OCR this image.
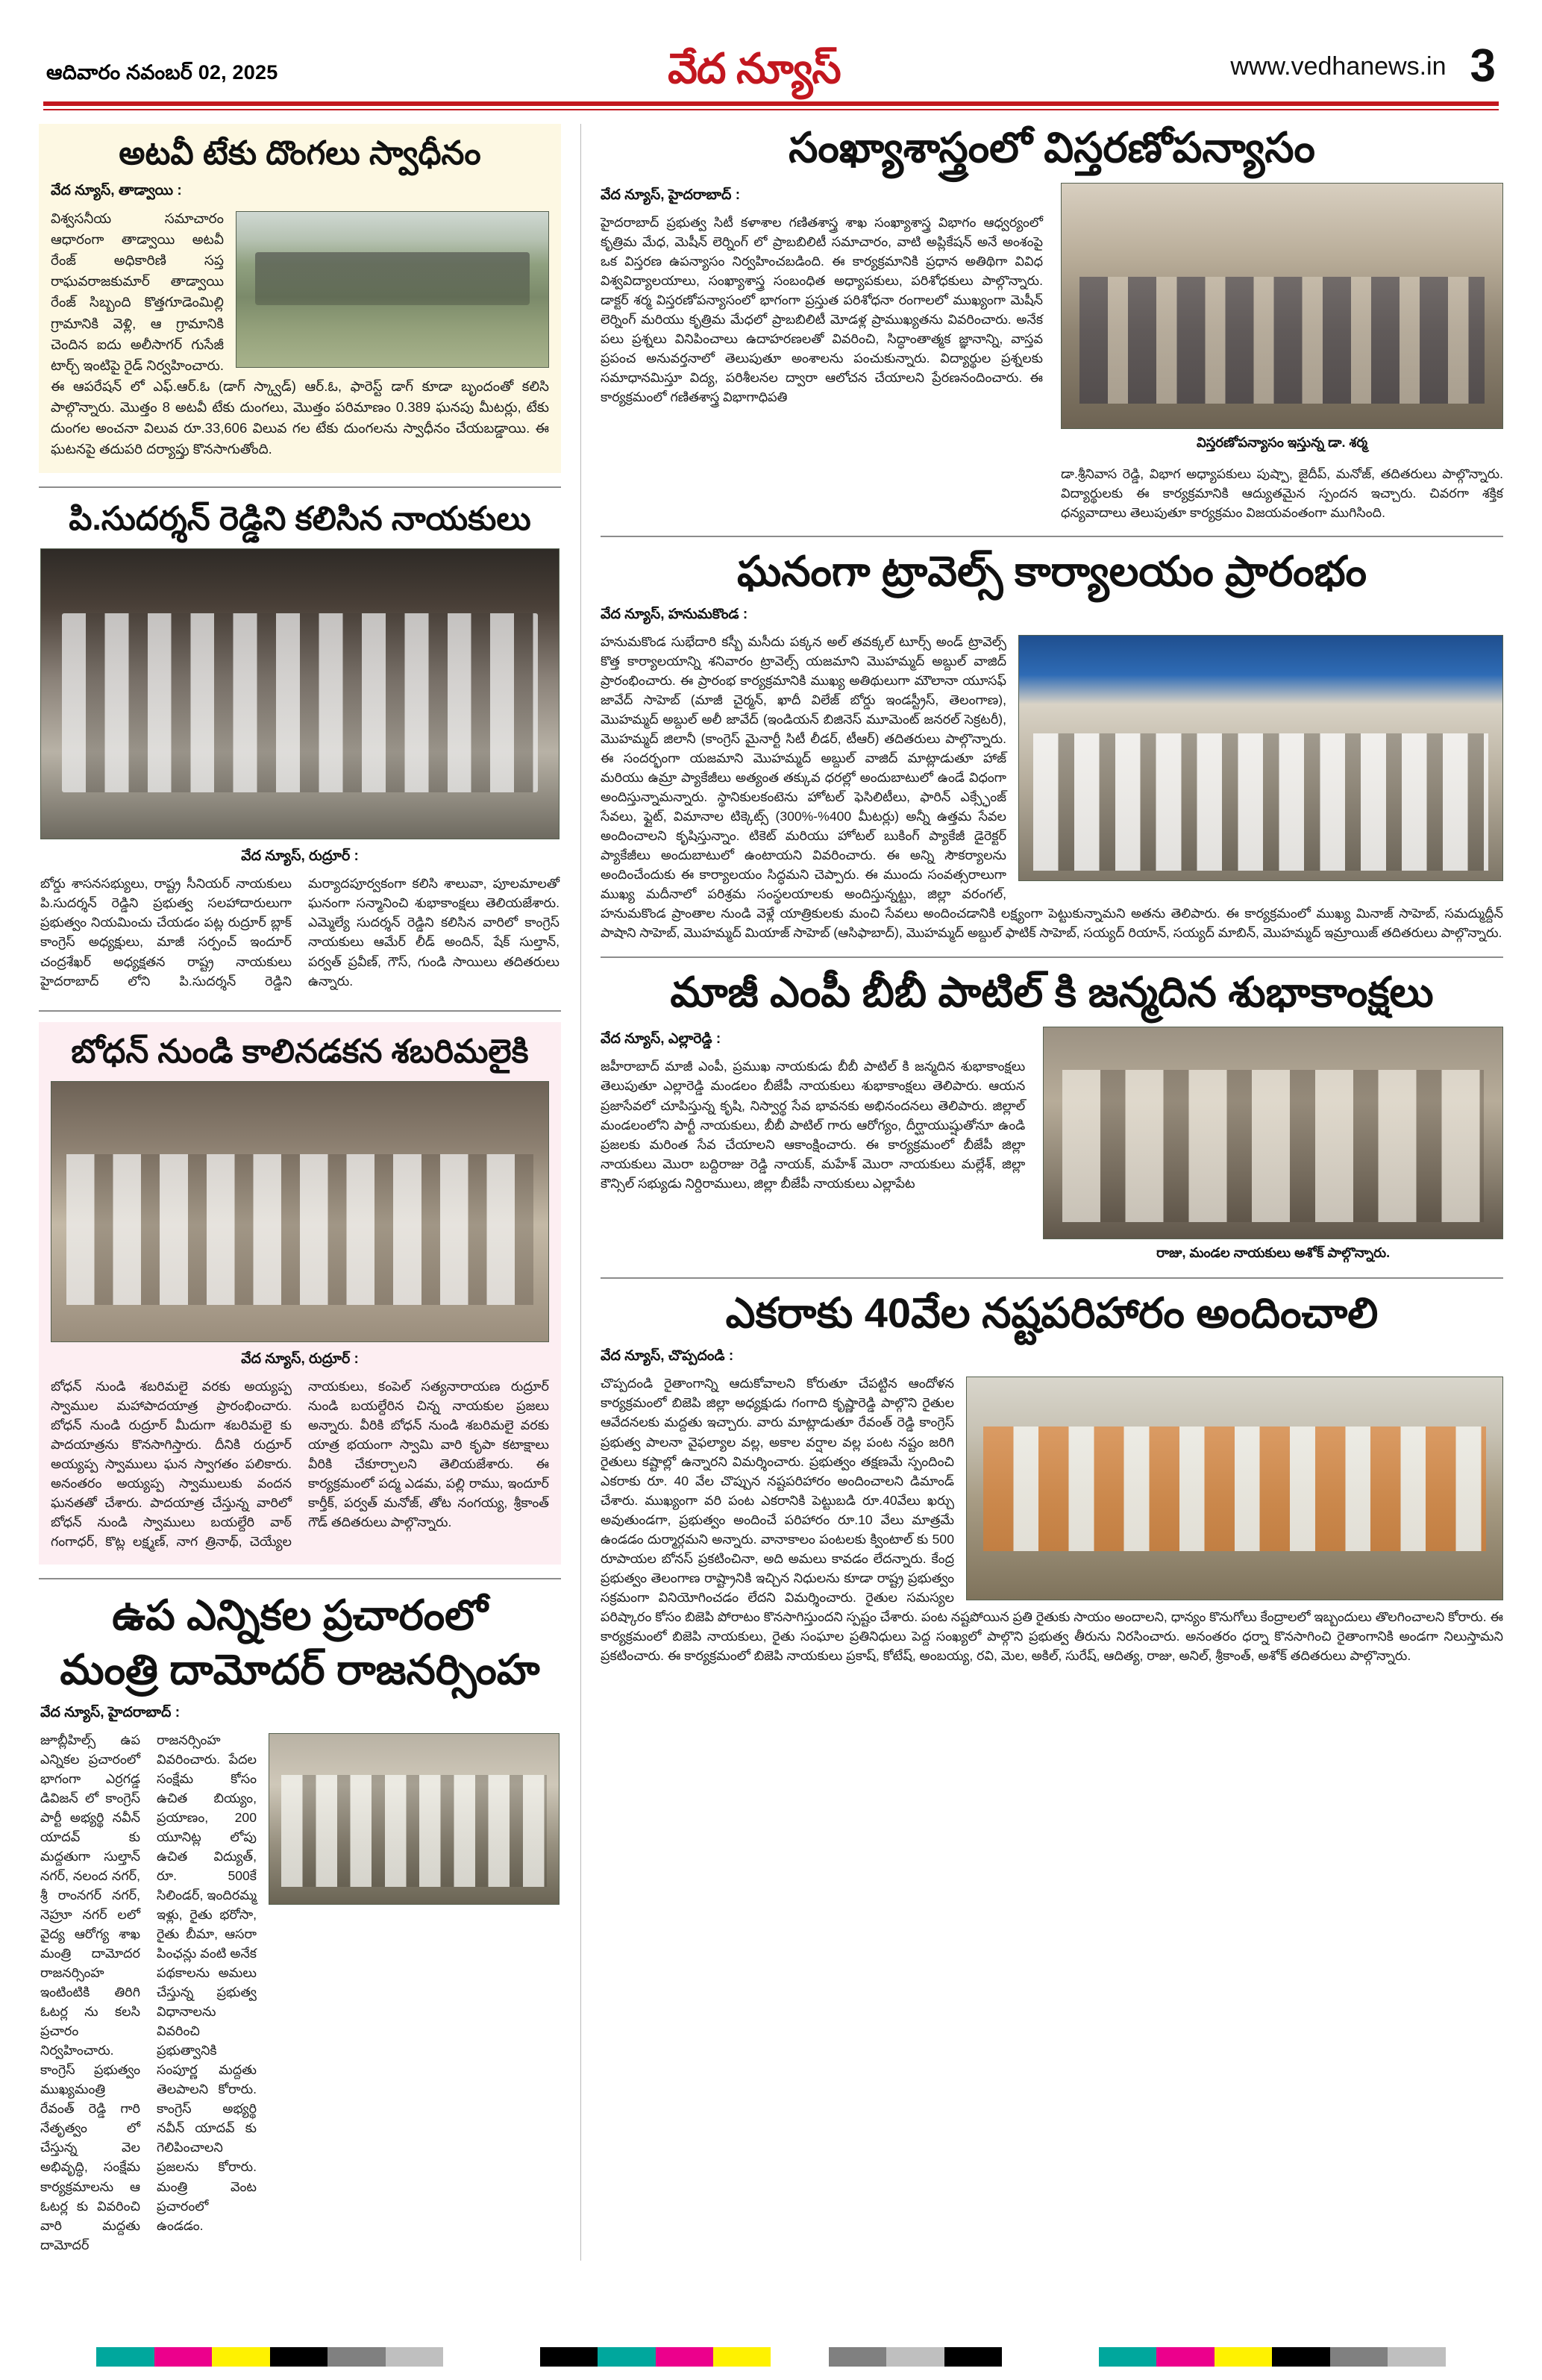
ఆదివారం నవంబర్ 02, 2025	వేద న్యూస్	www.vedhanews.in 3
అటవీ టేకు దొంగలు స్వాధీనం
వేద న్యూస్, తాడ్వాయి :
విశ్వసనీయ సమాచారం ఆధారంగా తాడ్వాయి అటవీ రేంజ్ అధికారిణి సప్త రాఘవరాజకుమార్ తాడ్వాయి రేంజ్ సిబ్బంది కొత్తగూడెంమిల్లి గ్రామానికి వెళ్లి, ఆ గ్రామానికి చెందిన ఐదు అలీసాగర్ గుసేజీ టార్చ్ ఇంటిపై రైడ్ నిర్వహించారు. ఈ ఆపరేషన్ లో ఎఫ్.ఆర్.ఓ (డాగ్ స్క్వాడ్) ఆర్.ఓ, ఫారెస్ట్ డాగ్ కూడా బృందంతో కలిసి పాల్గొన్నారు. మొత్తం 8 అటవీ టేకు దుంగలు, మొత్తం పరిమాణం 0.389 ఘనపు మీటర్లు, టేకు దుంగల అంచనా విలువ రూ.33,606 విలువ గల టేకు దుంగలను స్వాధీనం చేయబడ్డాయి. ఈ ఘటనపై తదుపరి దర్యాప్తు కొనసాగుతోంది.
పి.సుదర్శన్ రెడ్డిని కలిసిన నాయకులు
వేద న్యూస్, రుద్రూర్ :
బోర్డు శాసనసభ్యులు, రాష్ట్ర సీనియర్ నాయకులు పి.సుదర్శన్ రెడ్డిని ప్రభుత్వ సలహాదారులుగా ప్రభుత్వం నియమించు చేయడం పట్ల రుద్రూర్ బ్లాక్ కాంగ్రెస్ అధ్యక్షులు, మాజీ సర్పంచ్ ఇందూర్ చంద్రశేఖర్ అధ్యక్షతన రాష్ట్ర నాయకులు హైదరాబాద్ లోని పి.సుదర్శన్ రెడ్డిని మర్యాదపూర్వకంగా కలిసి శాలువా, పూలమాలతో ఘనంగా సన్మానించి శుభాకాంక్షలు తెలియజేశారు. ఎమ్మెల్యే సుదర్శన్ రెడ్డిని కలిసిన వారిలో కాంగ్రెస్ నాయకులు ఆమేర్ లీడ్ అందిన్, షేక్ సుల్తాన్, పర్వత్ ప్రవీణ్, గౌస్, గుండి సాయిలు తదితరులు ఉన్నారు.
బోధన్ నుండి కాలినడకన శబరిమలైకి
వేద న్యూస్, రుద్రూర్ :
బోధన్ నుండి శబరిమలై వరకు అయ్యప్ప స్వాముల మహాపాదయాత్ర ప్రారంభించారు. బోధన్ నుండి రుద్రూర్ మీదుగా శబరిమలై కు పాదయాత్రను కొనసాగిస్తారు. దీనికి రుద్రూర్ అయ్యప్ప స్వాములు ఘన స్వాగతం పలికారు. అనంతరం అయ్యప్ప స్వాములుకు వందన ఘనతతో చేశారు. పాదయాత్ర చేస్తున్న వారిలో బోధన్ నుండి స్వాములు బయల్దేరి వాఠ్ గంగాధర్, కొట్ల లక్ష్మణ్, నాగ త్రినాథ్, చెయ్యేల నాయకులు, కంపెల్ సత్యనారాయణ రుద్రూర్ నుండి బయల్దేరిన చిన్న నాయకుల ప్రజలు అన్నారు. వీరికి బోధన్ నుండి శబరిమలై వరకు యాత్ర భయంగా స్వామి వారి కృపా కటాక్షాలు వీరికి చేకూర్చాలని తెలియజేశారు. ఈ కార్యక్రమంలో పద్మ ఎడమ, పల్లి రాము, ఇందూర్ కార్తీక్, పర్వత్ మనోజ్, తోట నంగయ్య, శ్రీకాంత్ గౌడ్ తదితరులు పాల్గొన్నారు.
ఉప ఎన్నికల ప్రచారంలో
మంత్రి దామోదర్ రాజనర్సింహ
వేద న్యూస్, హైదరాబాద్ :
జూబ్లీహిల్స్ ఉప ఎన్నికల ప్రచారంలో భాగంగా ఎర్రగడ్డ డివిజన్ లో కాంగ్రెస్ పార్టీ అభ్యర్థి నవీన్ యాదవ్ కు మద్దతుగా సుల్తాన్ నగర్, నలంద నగర్, శ్రీ రాంనగర్ నగర్, నెహ్రూ నగర్ లలో వైద్య ఆరోగ్య శాఖ మంత్రి దామోదర రాజనర్సింహ ఇంటింటికి తిరిగి ఓటర్ల ను కలసి ప్రచారం నిర్వహించారు. కాంగ్రెస్ ప్రభుత్వం ముఖ్యమంత్రి రేవంత్ రెడ్డి గారి నేతృత్వం లో చేస్తున్న వెల అభివృద్ధి, సంక్షేమ కార్యక్రమాలను ఆ ఓటర్ల కు వివరించి వారి మద్దతు దామోదర్ రాజనర్సింహ వివరించారు. పేదల సంక్షేమ కోసం ఉచిత బియ్యం, ప్రయాణం, 200 యూనిట్ల లోపు ఉచిత విద్యుత్, రూ. 500కే సిలిండర్, ఇందిరమ్మ ఇళ్లు, రైతు భరోసా, రైతు బీమా, ఆసరా పింఛన్లు వంటి అనేక పథకాలను అమలు చేస్తున్న ప్రభుత్వ విధానాలను వివరించి ప్రభుత్వానికి సంపూర్ణ మద్దతు తెలపాలని కోరారు. కాంగ్రెస్ అభ్యర్థి నవీన్ యాదవ్ కు గెలిపించాలని ప్రజలను కోరారు. మంత్రి వెంట ప్రచారంలో ఉండడం.
సంఖ్యాశాస్త్రంలో విస్తరణోపన్యాసం
వేద న్యూస్, హైదరాబాద్ :
హైదరాబాద్ ప్రభుత్వ సిటీ కళాశాల గణితశాస్త్ర శాఖ సంఖ్యాశాస్త్ర విభాగం ఆధ్వర్యంలో కృత్రిమ మేధ, మెషీన్ లెర్నింగ్ లో ప్రాబబిలిటీ సమాచారం, వాటి అప్లికేషన్ అనే అంశంపై ఒక విస్తరణ ఉపన్యాసం నిర్వహించబడింది. ఈ కార్యక్రమానికి ప్రధాన అతిథిగా వివిధ విశ్వవిద్యాలయాలు, సంఖ్యాశాస్త్ర సంబంధిత అధ్యాపకులు, పరిశోధకులు పాల్గొన్నారు. డాక్టర్ శర్మ విస్తరణోపన్యాసంలో భాగంగా ప్రస్తుత పరిశోధనా రంగాలలో ముఖ్యంగా మెషీన్ లెర్నింగ్ మరియు కృత్రిమ మేధలో ప్రాబబిలిటీ మోడళ్ల ప్రాముఖ్యతను వివరించారు. అనేక పలు ప్రశ్నలు వినిపించాలు ఉదాహరణలతో వివరించి, సిద్ధాంతాత్మక జ్ఞానాన్ని, వాస్తవ ప్రపంచ అనువర్తనాలో తెలుపుతూ అంశాలను పంచుకున్నారు. విద్యార్థుల ప్రశ్నలకు సమాధానమిస్తూ విద్య, పరిశీలనల ద్వారా ఆలోచన చేయాలని ప్రేరణనందించారు. ఈ కార్యక్రమంలో గణితశాస్త్ర విభాగాధిపతి
విస్తరణోపన్యాసం ఇస్తున్న డా. శర్మ
డా.శ్రీనివాస రెడ్డి, విభాగ అధ్యాపకులు పుష్పా, జైదీప్, మనోజ్, తదితరులు పాల్గొన్నారు. విద్యార్థులకు ఈ కార్యక్రమానికి ఆద్యుతమైన స్పందన ఇచ్చారు. చివరగా శక్తిక ధన్యవాదాలు తెలుపుతూ కార్యక్రమం విజయవంతంగా ముగిసింది.
ఘనంగా ట్రావెల్స్ కార్యాలయం ప్రారంభం
వేద న్యూస్, హనుమకొండ :
హనుమకొండ సుభేదారి కస్బీ మసీదు పక్కన అల్ తవక్కల్ టూర్స్ అండ్ ట్రావెల్స్ కొత్త కార్యాలయాన్ని శనివారం ట్రావెల్స్ యజమాని మొహమ్మద్ అబ్దుల్ వాజిద్ ప్రారంభించారు. ఈ ప్రారంభ కార్యక్రమానికి ముఖ్య అతిథులుగా మౌలానా యూసఫ్ జావేద్ సాహెబ్ (మాజీ చైర్మన్, ఖాదీ విలేజ్ బోర్డు ఇండస్ట్రీస్, తెలంగాణ), మొహమ్మద్ అబ్దుల్ అలీ జావేద్ (ఇండియన్ బిజినెస్ మూమెంట్ జనరల్ సెక్రటరీ), మొహమ్మద్ జిలానీ (కాంగ్రెస్ మైనార్టీ సిటీ లీడర్, టీఆర్) తదితరులు పాల్గొన్నారు. ఈ సందర్భంగా యజమాని మొహమ్మద్ అబ్దుల్ వాజిద్ మాట్లాడుతూ హాజ్ మరియు ఉమ్రా ప్యాకేజీలు అత్యంత తక్కువ ధరల్లో అందుబాటులో ఉండే విధంగా అందిస్తున్నామన్నారు. స్థానికులకంటెను హోటల్ ఫెసిలిటీలు, ఫారిన్ ఎక్స్ఛేంజ్ సేవలు, ఫ్లైట్, విమానాల టిక్కెట్స్ (300%-%400 మీటర్లు) అన్నీ ఉత్తమ సేవల అందించాలని కృషిస్తున్నాం. టికెట్ మరియు హోటల్ బుకింగ్ ప్యాకేజీ డైరెక్టర్ ప్యాకేజీలు అందుబాటులో ఉంటాయని వివరించారు. ఈ అన్ని సౌకర్యాలను అందించేందుకు ఈ కార్యాలయం సిద్ధమని చెప్పారు. ఈ ముందు సంవత్సరాలుగా ముఖ్య మదీనాలో పరిశ్రమ సంస్థలయాలకు అందిస్తున్నట్టు, జిల్లా వరంగల్, హనుమకొండ ప్రాంతాల నుండి వెళ్లే యాత్రికులకు మంచి సేవలు అందించడానికి లక్ష్యంగా పెట్టుకున్నామని అతను తెలిపారు. ఈ కార్యక్రమంలో ముఖ్య మినాజ్ సాహెబ్, సమద్ముద్దీన్ పాషాని సాహెబ్, మొహమ్మద్ మియాజ్ సాహెబ్ (ఆసిఫాబాద్), మొహమ్మద్ అబ్దుల్ ఫాటిక్ సాహెబ్, సయ్యద్ రియాన్, సయ్యద్ మాబిన్, మొహమ్మద్ ఇమ్రాయిజ్ తదితరులు పాల్గొన్నారు.
మాజీ ఎంపీ బీబీ పాటిల్ కి జన్మదిన శుభాకాంక్షలు
వేద న్యూస్, ఎల్లారెడ్డి :
జహీరాబాద్ మాజీ ఎంపీ, ప్రముఖ నాయకుడు బీబీ పాటిల్ కి జన్మదిన శుభాకాంక్షలు తెలుపుతూ ఎల్లారెడ్డి మండలం బీజేపీ నాయకులు శుభాకాంక్షలు తెలిపారు. ఆయన ప్రజాసేవలో చూపిస్తున్న కృషి, నిస్వార్థ సేవ భావనకు అభినందనలు తెలిపారు. జిల్లాల్ మండలంలోని పార్టీ నాయకులు, బీబీ పాటిల్ గారు ఆరోగ్యం, దీర్ఘాయుష్షుతోనూ ఉండి ప్రజలకు మరింత సేవ చేయాలని ఆకాంక్షించారు. ఈ కార్యక్రమంలో బీజేపీ జిల్లా నాయకులు మొరా బద్దిరాజు రెడ్డి నాయక్, మహేశ్ మొరా నాయకులు మల్లేశ్, జిల్లా కౌన్సిల్ సభ్యుడు నిర్దిరాములు, జిల్లా బీజేపీ నాయకులు ఎల్లాపేట
రాజు, మండల నాయకులు అశోక్ పాల్గొన్నారు.
ఎకరాకు 40వేల నష్టపరిహారం అందించాలి
వేద న్యూస్, చొప్పదండి :
చొప్పదండి రైతాంగాన్ని ఆదుకోవాలని కోరుతూ చేపట్టిన ఆందోళన కార్యక్రమంలో బిజెపి జిల్లా అధ్యక్షుడు గంగాది కృష్ణారెడ్డి పాల్గొని రైతుల ఆవేదనలకు మద్దతు ఇచ్చారు. వారు మాట్లాడుతూ రేవంత్ రెడ్డి కాంగ్రెస్ ప్రభుత్వ పాలనా వైఫల్యాల వల్ల, అకాల వర్షాల వల్ల పంట నష్టం జరిగి రైతులు కష్టాల్లో ఉన్నారని విమర్శించారు. ప్రభుత్వం తక్షణమే స్పందించి ఎకరాకు రూ. 40 వేల చొప్పున నష్టపరిహారం అందించాలని డిమాండ్ చేశారు. ముఖ్యంగా వరి పంట ఎకరానికి పెట్టుబడి రూ.40వేలు ఖర్చు అవుతుండగా, ప్రభుత్వం అందించే పరిహారం రూ.10 వేలు మాత్రమే ఉండడం దుర్మార్గమని అన్నారు. వానాకాలం పంటలకు క్వింటాల్ కు 500 రూపాయల బోనస్ ప్రకటించినా, అది అమలు కావడం లేదన్నారు. కేంద్ర ప్రభుత్వం తెలంగాణ రాష్ట్రానికి ఇచ్చిన నిధులను కూడా రాష్ట్ర ప్రభుత్వం సక్రమంగా వినియోగించడం లేదని విమర్శించారు. రైతుల సమస్యల పరిష్కారం కోసం బిజెపి పోరాటం కొనసాగిస్తుందని స్పష్టం చేశారు. పంట నష్టపోయిన ప్రతి రైతుకు సాయం అందాలని, ధాన్యం కొనుగోలు కేంద్రాలలో ఇబ్బందులు తొలగించాలని కోరారు. ఈ కార్యక్రమంలో బిజెపి నాయకులు, రైతు సంఘాల ప్రతినిధులు పెద్ద సంఖ్యలో పాల్గొని ప్రభుత్వ తీరును నిరసించారు. అనంతరం ధర్నా కొనసాగించి రైతాంగానికి అండగా నిలుస్తామని ప్రకటించారు. ఈ కార్యక్రమంలో బిజెపి నాయకులు ప్రకాష్, కోటేష్, అంబయ్య, రవి, మెల, అకిల్, సురేష్, ఆదిత్య, రాజు, అనిల్, శ్రీకాంత్, అశోక్ తదితరులు పాల్గొన్నారు.
